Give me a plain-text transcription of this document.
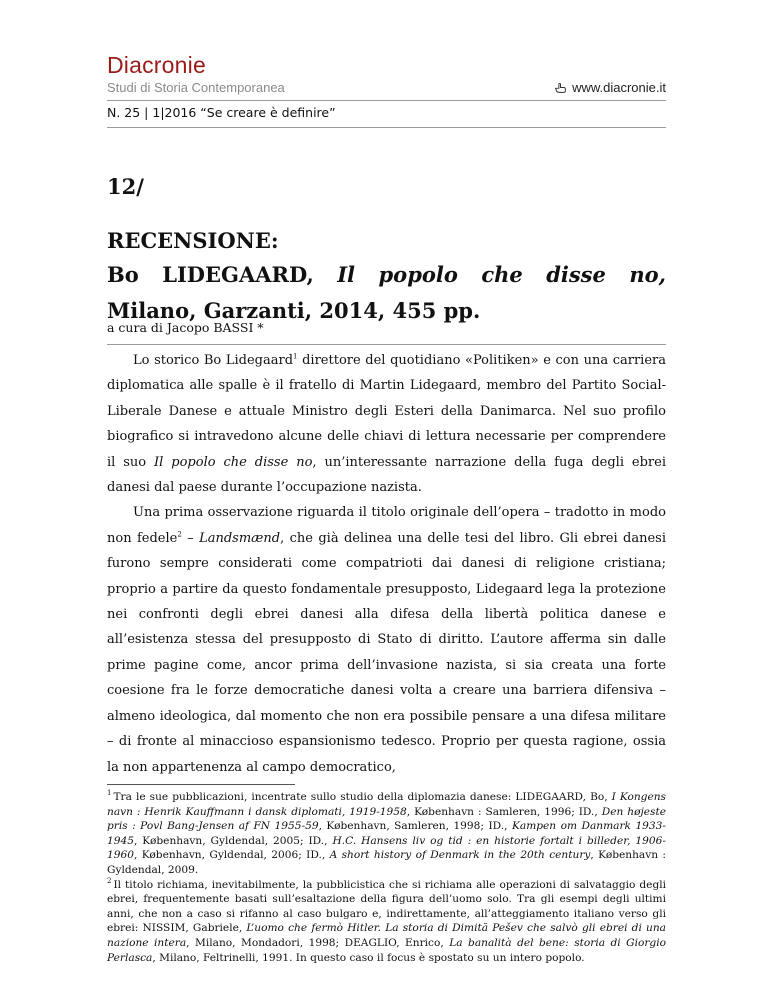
Diacronie
Studi di Storia Contemporanea	www.diacronie.it
N. 25 | 1|2016 “Se creare è definire”
12/
RECENSIONE:
Bo LIDEGAARD, Il popolo che disse no,
Milano, Garzanti, 2014, 455 pp.
a cura di Jacopo BASSI *

Lo storico Bo Lidegaard$^1$ direttore del quotidiano «Politiken» e con una carriera diplomatica alle spalle è il fratello di Martin Lidegaard, membro del Partito Social-Liberale Danese e attuale Ministro degli Esteri della Danimarca. Nel suo profilo biografico si intravedono alcune delle chiavi di lettura necessarie per comprendere il suo Il popolo che disse no, un’interessante narrazione della fuga degli ebrei danesi dal paese durante l’occupazione nazista.

Una prima osservazione riguarda il titolo originale dell’opera – tradotto in modo non fedele$^2$ – Landsmænd, che già delinea una delle tesi del libro. Gli ebrei danesi furono sempre considerati come compatrioti dai danesi di religione cristiana; proprio a partire da questo fondamentale presupposto, Lidegaard lega la protezione nei confronti degli ebrei danesi alla difesa della libertà politica danese e all’esistenza stessa del presupposto di Stato di diritto. L’autore afferma sin dalle prime pagine come, ancor prima dell’invasione nazista, si sia creata una forte coesione fra le forze democratiche danesi volta a creare una barriera difensiva – almeno ideologica, dal momento che non era possibile pensare a una difesa militare – di fronte al minaccioso espansionismo tedesco. Proprio per questa ragione, ossia la non appartenenza al campo democratico,

$^1$ Tra le sue pubblicazioni, incentrate sullo studio della diplomazia danese: LIDEGAARD, Bo, I Kongens navn : Henrik Kauffmann i dansk diplomati, 1919-1958, København : Samleren, 1996; ID., Den højeste pris : Povl Bang-Jensen af FN 1955-59, København, Samleren, 1998; ID., Kampen om Danmark 1933-1945, København, Gyldendal, 2005; ID., H.C. Hansens liv og tid : en historie fortalt i billeder, 1906-1960, København, Gyldendal, 2006; ID., A short history of Denmark in the 20th century, København : Gyldendal, 2009.

$^2$ Il titolo richiama, inevitabilmente, la pubblicistica che si richiama alle operazioni di salvataggio degli ebrei, frequentemente basati sull’esaltazione della figura dell’uomo solo. Tra gli esempi degli ultimi anni, che non a caso si rifanno al caso bulgaro e, indirettamente, all’atteggiamento italiano verso gli ebrei: NISSIM, Gabriele, L’uomo che fermò Hitler. La storia di Dimită Pešev che salvò gli ebrei di una nazione intera, Milano, Mondadori, 1998; DEAGLIO, Enrico, La banalità del bene: storia di Giorgio Perlasca, Milano, Feltrinelli, 1991. In questo caso il focus è spostato su un intero popolo.
